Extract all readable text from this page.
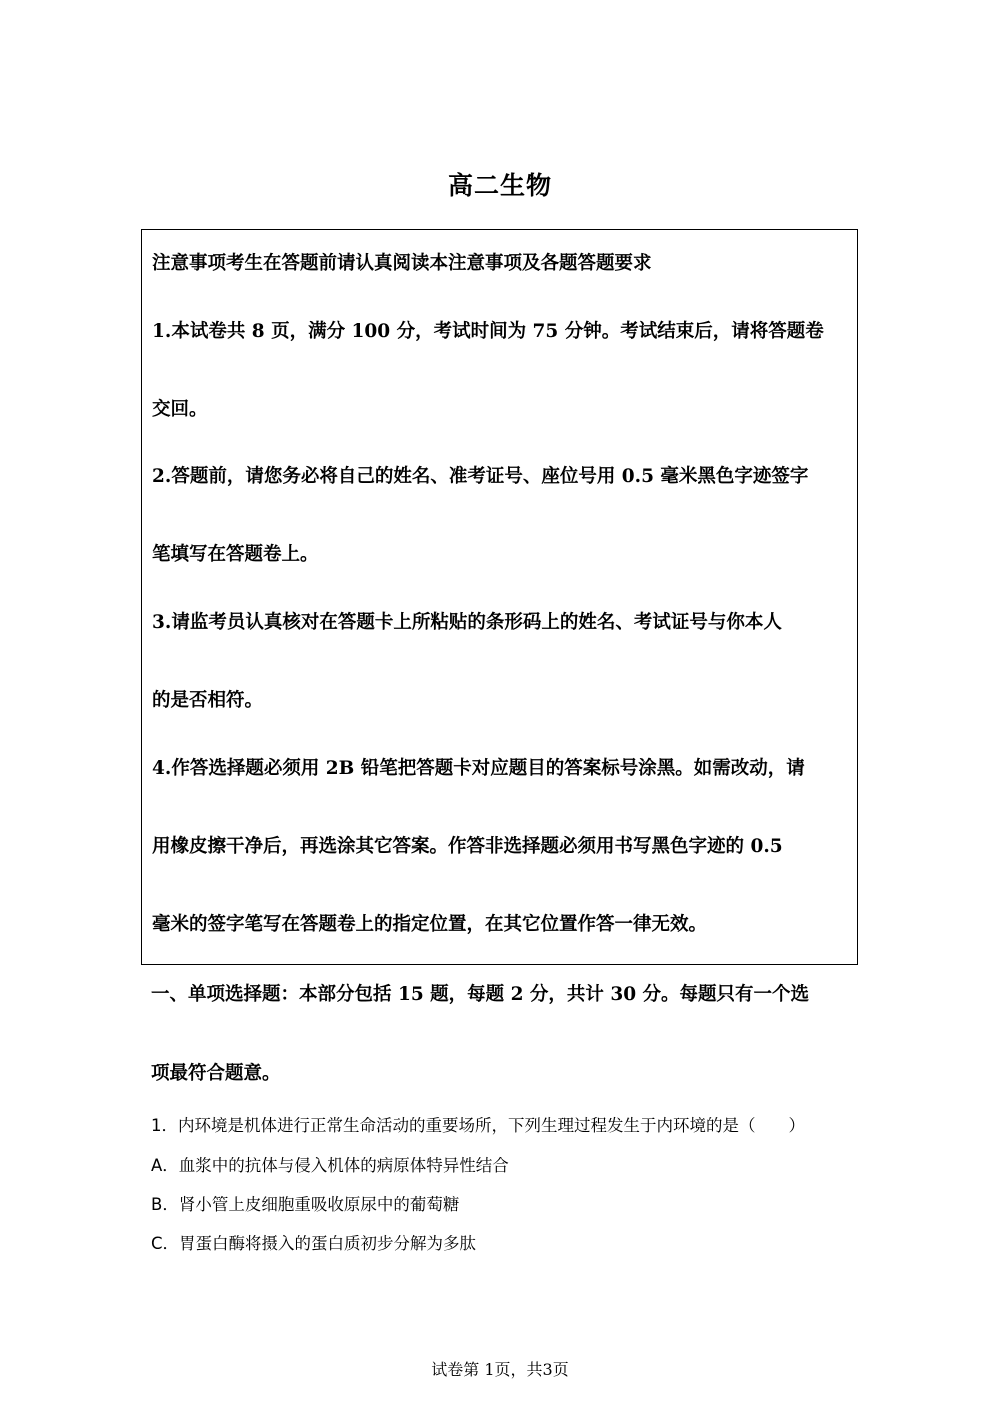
高二生物
注意事项考生在答题前请认真阅读本注意事项及各题答题要求
1.本试卷共 8 页，满分 100 分，考试时间为 75 分钟。考试结束后，请将答题卷
交回。
2.答题前，请您务必将自己的姓名、准考证号、座位号用 0.5 毫米黑色字迹签字
笔填写在答题卷上。
3.请监考员认真核对在答题卡上所粘贴的条形码上的姓名、考试证号与你本人
的是否相符。
4.作答选择题必须用 2B 铅笔把答题卡对应题目的答案标号涂黑。如需改动，请
用橡皮擦干净后，再选涂其它答案。作答非选择题必须用书写黑色字迹的 0.5
毫米的签字笔写在答题卷上的指定位置，在其它位置作答一律无效。
一、单项选择题：本部分包括 15 题，每题 2 分，共计 30 分。每题只有一个选
项最符合题意。
1．内环境是机体进行正常生命活动的重要场所，下列生理过程发生于内环境的是（　　）
A．血浆中的抗体与侵入机体的病原体特异性结合
B．肾小管上皮细胞重吸收原尿中的葡萄糖
C．胃蛋白酶将摄入的蛋白质初步分解为多肽
试卷第 1页，共3页
